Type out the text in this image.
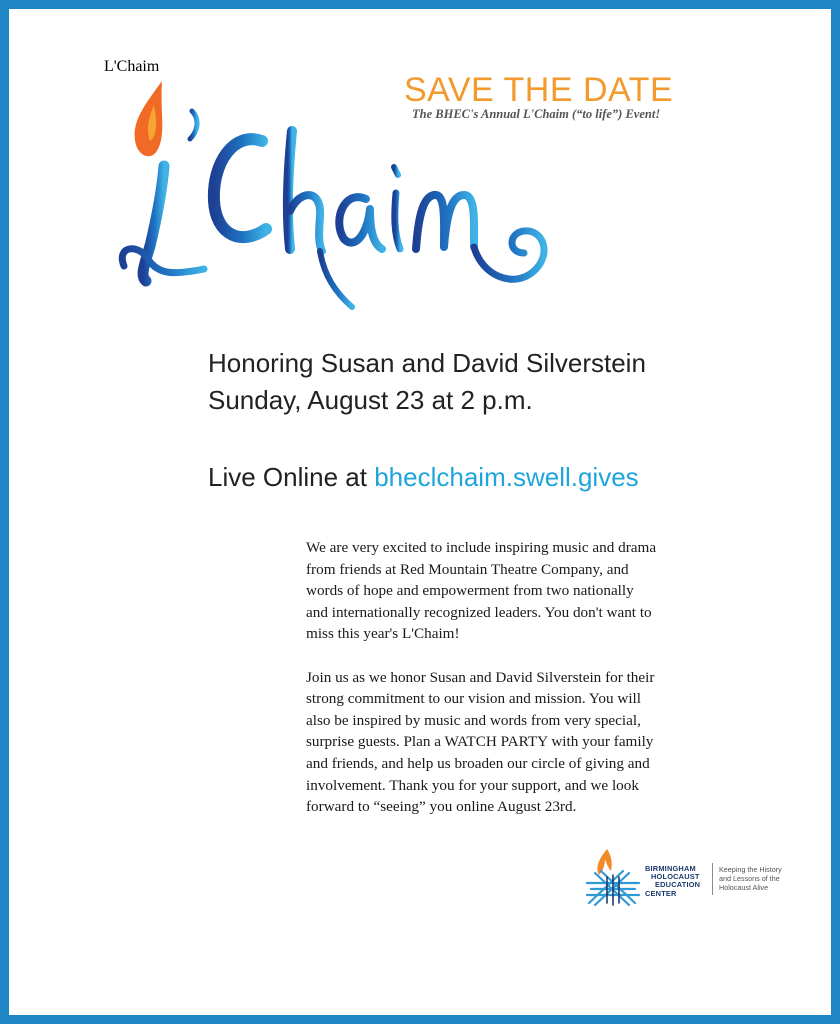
L'Chaim
SAVE THE DATE
The BHEC's Annual L'Chaim (“to life”) Event!
Honoring Susan and David Silverstein
Sunday, August 23 at 2 p.m.
Live Online at bheclchaim.swell.gives
We are very excited to include inspiring music and drama
from friends at Red Mountain Theatre Company, and
words of hope and empowerment from two nationally
and internationally recognized leaders. You don't want to
miss this year's L'Chaim!
Join us as we honor Susan and David Silverstein for their
strong commitment to our vision and mission. You will
also be inspired by music and words from very special,
surprise guests. Plan a WATCH PARTY with your family
and friends, and help us broaden our circle of giving and
involvement. Thank you for your support, and we look
forward to “seeing” you online August 23rd.
BIRMINGHAM
HOLOCAUST
EDUCATION
CENTER
Keeping the History
and Lessons of the
Holocaust Alive
